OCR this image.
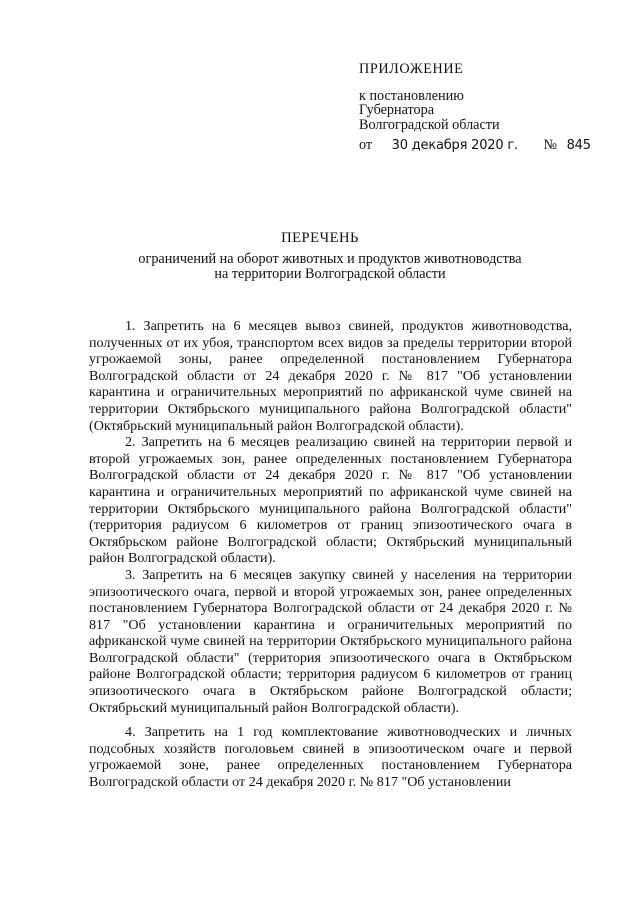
ПРИЛОЖЕНИЕ
к постановлению
Губернатора
Волгоградской области
от 30 декабря 2020 г. № 845
ПЕРЕЧЕНЬ
ограничений на оборот животных и продуктов животноводства
на территории Волгоградской области

1. Запретить на 6 месяцев вывоз свиней, продуктов животноводства, полученных от их убоя, транспортом всех видов за пределы территории второй угрожаемой зоны, ранее определенной постановлением Губернатора Волгоградской области от 24 декабря 2020 г. № 817 "Об установлении карантина и ограничительных мероприятий по африканской чуме свиней на территории Октябрьского муниципального района Волгоградской области" (Октябрьский муниципальный район Волгоградской области).

2. Запретить на 6 месяцев реализацию свиней на территории первой и второй угрожаемых зон, ранее определенных постановлением Губернатора Волгоградской области от 24 декабря 2020 г. № 817 "Об установлении карантина и ограничительных мероприятий по африканской чуме свиней на территории Октябрьского муниципального района Волгоградской области" (территория радиусом 6 километров от границ эпизоотического очага в Октябрьском районе Волгоградской области; Октябрьский муниципальный район Волгоградской области).

3. Запретить на 6 месяцев закупку свиней у населения на территории эпизоотического очага, первой и второй угрожаемых зон, ранее определенных постановлением Губернатора Волгоградской области от 24 декабря 2020 г. № 817 "Об установлении карантина и ограничительных мероприятий по африканской чуме свиней на территории Октябрьского муниципального района Волгоградской области" (территория эпизоотического очага в Октябрьском районе Волгоградской области; территория радиусом 6 километров от границ эпизоотического очага в Октябрьском районе Волгоградской области; Октябрьский муниципальный район Волгоградской области).

4. Запретить на 1 год комплектование животноводческих и личных подсобных хозяйств поголовьем свиней в эпизоотическом очаге и первой угрожаемой зоне, ранее определенных постановлением Губернатора Волгоградской области от 24 декабря 2020 г. № 817 "Об установлении
